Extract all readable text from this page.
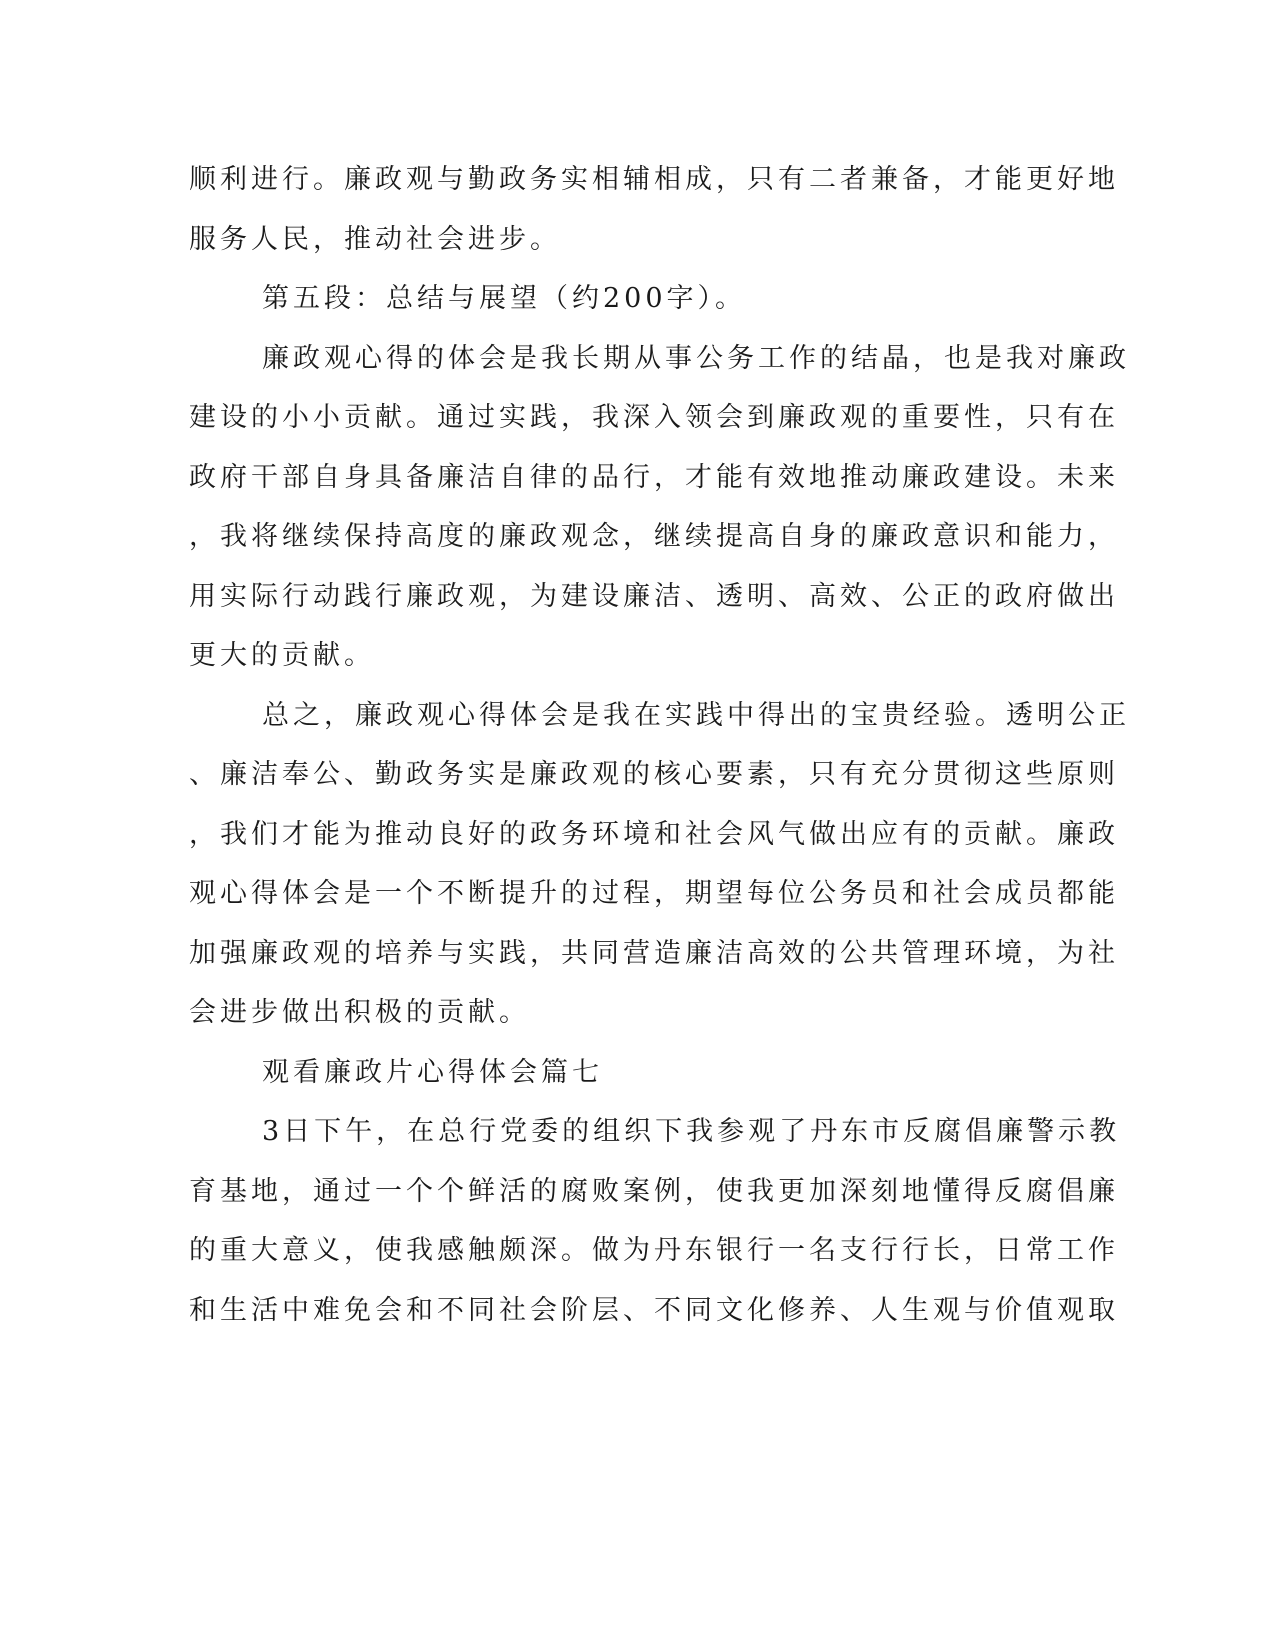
顺利进行。廉政观与勤政务实相辅相成，只有二者兼备，才能更好地
服务人民，推动社会进步。
第五段：总结与展望（约200字）。
廉政观心得的体会是我长期从事公务工作的结晶，也是我对廉政
建设的小小贡献。通过实践，我深入领会到廉政观的重要性，只有在
政府干部自身具备廉洁自律的品行，才能有效地推动廉政建设。未来
，我将继续保持高度的廉政观念，继续提高自身的廉政意识和能力，
用实际行动践行廉政观，为建设廉洁、透明、高效、公正的政府做出
更大的贡献。
总之，廉政观心得体会是我在实践中得出的宝贵经验。透明公正
、廉洁奉公、勤政务实是廉政观的核心要素，只有充分贯彻这些原则
，我们才能为推动良好的政务环境和社会风气做出应有的贡献。廉政
观心得体会是一个不断提升的过程，期望每位公务员和社会成员都能
加强廉政观的培养与实践，共同营造廉洁高效的公共管理环境，为社
会进步做出积极的贡献。
观看廉政片心得体会篇七
3日下午，在总行党委的组织下我参观了丹东市反腐倡廉警示教
育基地，通过一个个鲜活的腐败案例，使我更加深刻地懂得反腐倡廉
的重大意义，使我感触颇深。做为丹东银行一名支行行长，日常工作
和生活中难免会和不同社会阶层、不同文化修养、人生观与价值观取
